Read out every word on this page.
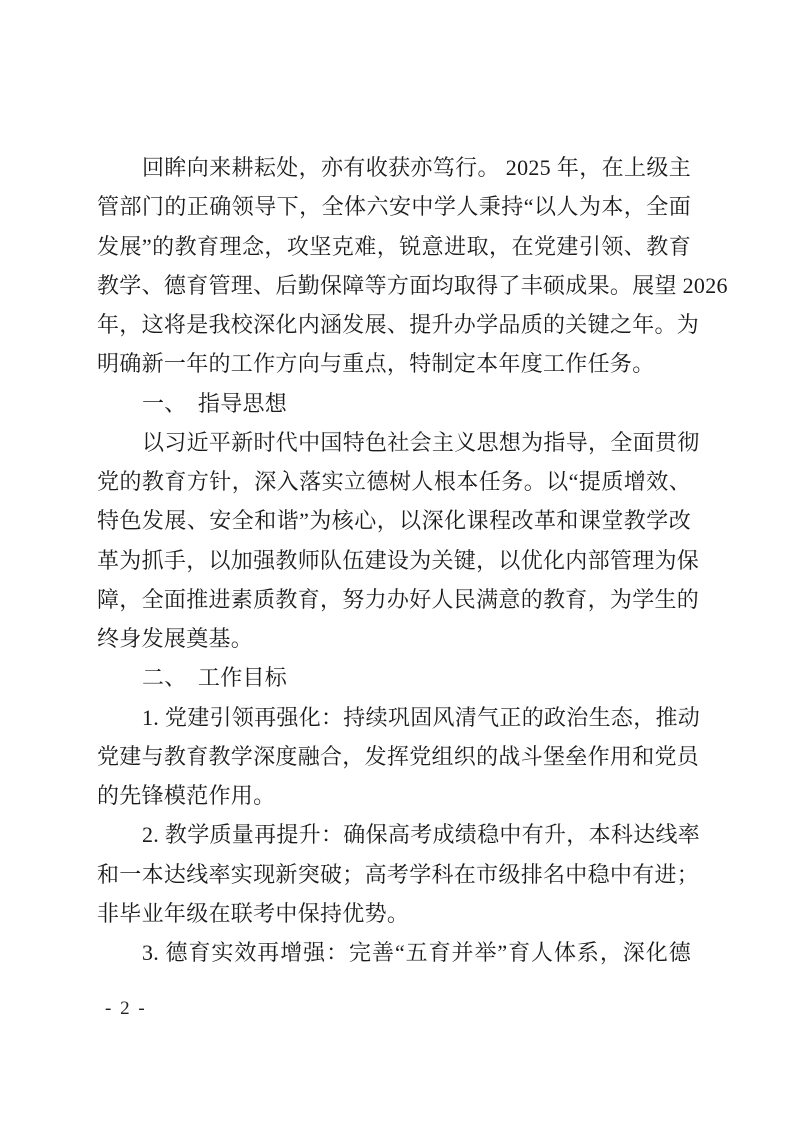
回眸向来耕耘处，亦有收获亦笃行。 2025 年，在上级主
管部门的正确领导下，全体六安中学人秉持“以人为本，全面
发展”的教育理念，攻坚克难，锐意进取，在党建引领、教育
教学、德育管理、后勤保障等方面均取得了丰硕成果。展望 2026
年，这将是我校深化内涵发展、提升办学品质的关键之年。为
明确新一年的工作方向与重点，特制定本年度工作任务。
一、　指导思想
以习近平新时代中国特色社会主义思想为指导，全面贯彻
党的教育方针，深入落实立德树人根本任务。以“提质增效、
特色发展、安全和谐”为核心，以深化课程改革和课堂教学改
革为抓手，以加强教师队伍建设为关键，以优化内部管理为保
障，全面推进素质教育，努力办好人民满意的教育，为学生的
终身发展奠基。
二、　工作目标
1. 党建引领再强化：持续巩固风清气正的政治生态，推动
党建与教育教学深度融合，发挥党组织的战斗堡垒作用和党员
的先锋模范作用。
2. 教学质量再提升：确保高考成绩稳中有升，本科达线率
和一本达线率实现新突破；高考学科在市级排名中稳中有进；
非毕业年级在联考中保持优势。
3. 德育实效再增强：完善“五育并举”育人体系，深化德
- 2 -
